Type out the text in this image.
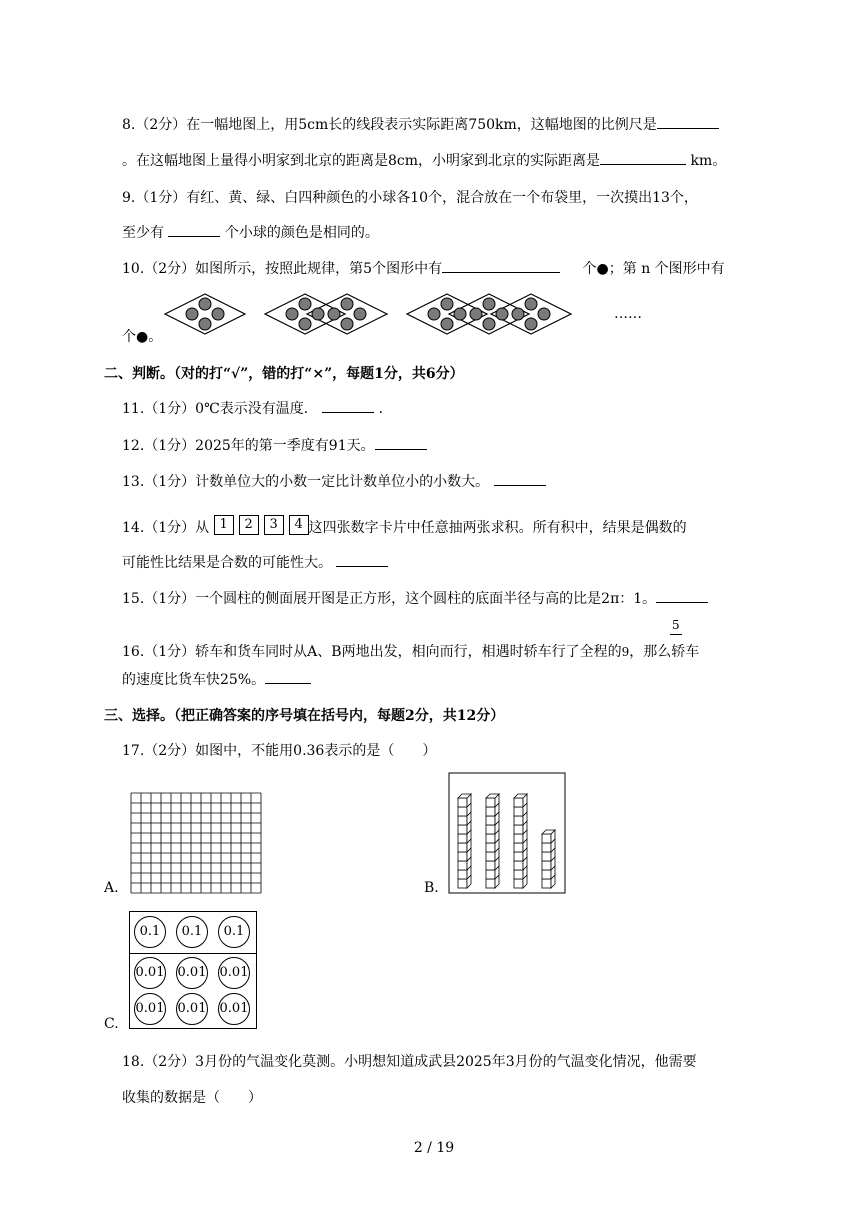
8.（2分）在一幅地图上，用5cm长的线段表示实际距离750km，这幅地图的比例尺是
。在这幅地图上量得小明家到北京的距离是8cm，小明家到北京的实际距离是	km。
9.（1分）有红、黄、绿、白四种颜色的小球各10个，混合放在一个布袋里，一次摸出13个，
至少有	个小球的颜色是相同的。
10.（2分）如图所示，按照此规律，第5个图形中有	个●；第 n 个图形中有
……
个●。
二、判断。（对的打“√”，错的打“×”，每题1分，共6分）
11.（1分）0℃表示没有温度．	．
12.（1分）2025年的第一季度有91天。
13.（1分）计数单位大的小数一定比计数单位小的小数大。
14.（1分）从 1 2 3 4 这四张数字卡片中任意抽两张求积。所有积中，结果是偶数的
可能性比结果是合数的可能性大。
15.（1分）一个圆柱的侧面展开图是正方形，这个圆柱的底面半径与高的比是2π：1。
5
16.（1分）轿车和货车同时从A、B两地出发，相向而行，相遇时轿车行了全程的9，那么轿车
的速度比货车快25%。
三、选择。（把正确答案的序号填在括号内，每题2分，共12分）
17.（2分）如图中，不能用0.36表示的是（　　）
A.	B.
C.
0.1	0.1	0.1
0.01 0.01 0.01
0.01 0.01 0.01
18.（2分）3月份的气温变化莫测。小明想知道成武县2025年3月份的气温变化情况，他需要
收集的数据是（　　）
2 / 19
